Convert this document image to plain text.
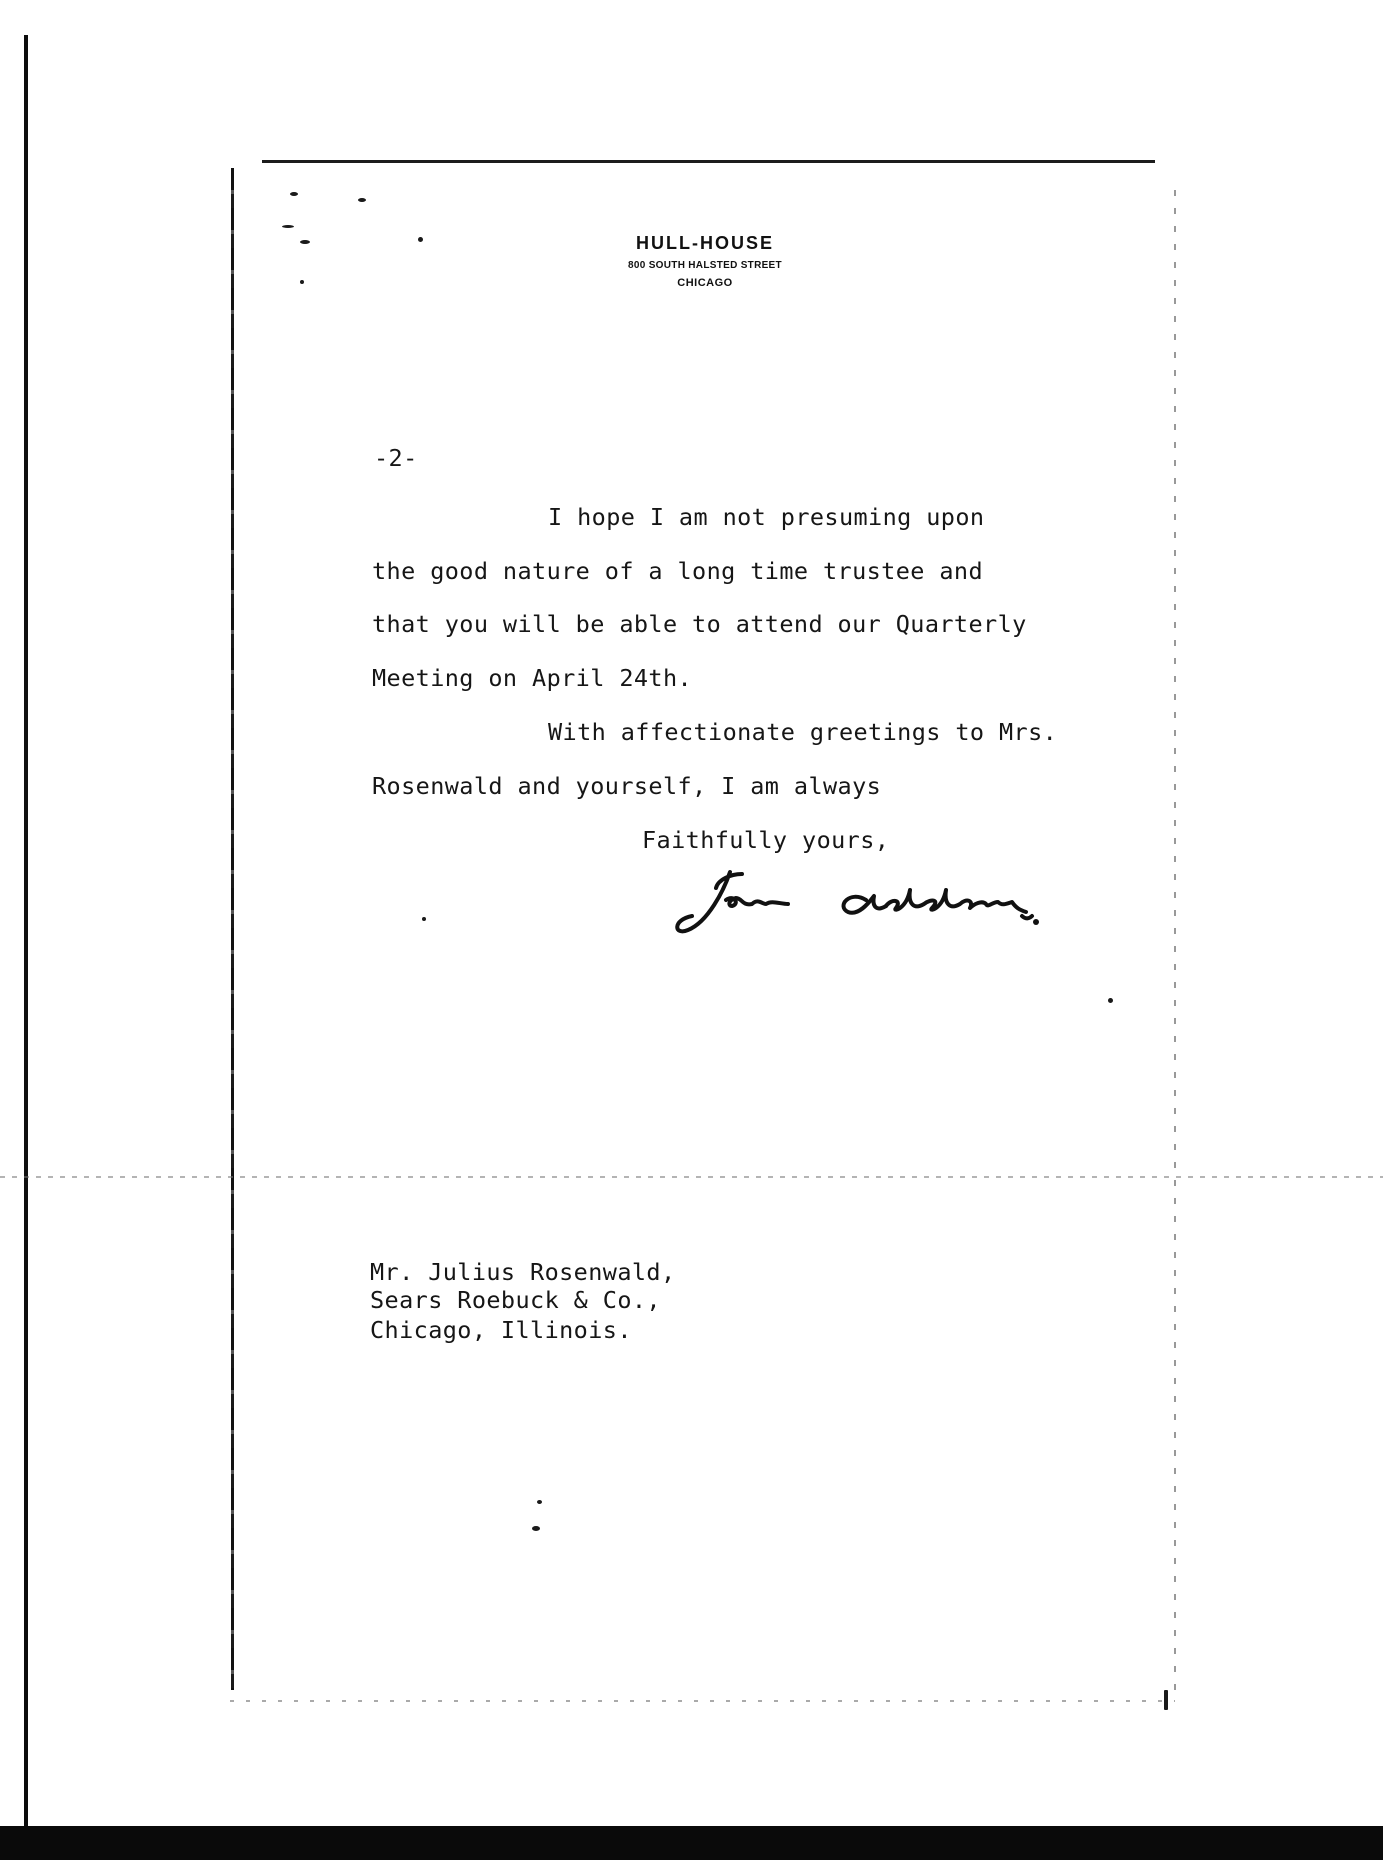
HULL-HOUSE
800 SOUTH HALSTED STREET
CHICAGO
-2-
I hope I am not presuming upon
the good nature of a long time trustee and
that you will be able to attend our Quarterly
Meeting on April 24th.
With affectionate greetings to Mrs.
Rosenwald and yourself, I am always
Faithfully yours,
Mr. Julius Rosenwald,
Sears Roebuck & Co.,
Chicago, Illinois.
